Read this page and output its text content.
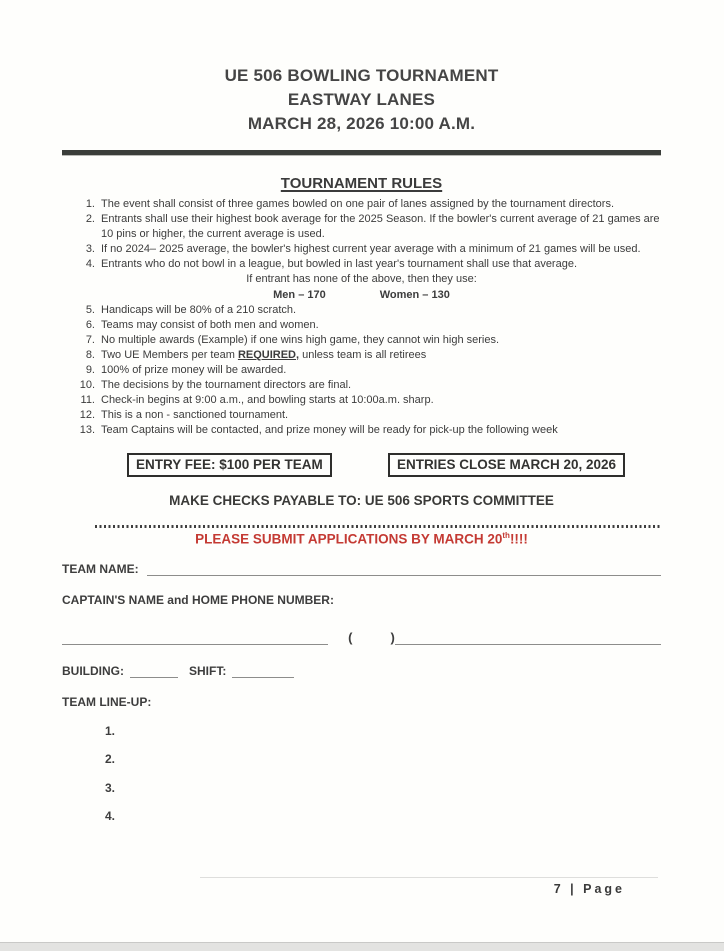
UE 506 BOWLING TOURNAMENT
EASTWAY LANES
MARCH 28, 2026 10:00 A.M.
TOURNAMENT RULES
1. The event shall consist of three games bowled on one pair of lanes assigned by the tournament directors.
2. Entrants shall use their highest book average for the 2025 Season. If the bowler's current average of 21 games are 10 pins or higher, the current average is used.
3. If no 2024– 2025 average, the bowler's highest current year average with a minimum of 21 games will be used.
4. Entrants who do not bowl in a league, but bowled in last year's tournament shall use that average.
If entrant has none of the above, then they use:
Men – 170	Women – 130
5. Handicaps will be 80% of a 210 scratch.
6. Teams may consist of both men and women.
7. No multiple awards (Example) if one wins high game, they cannot win high series.
8. Two UE Members per team REQUIRED, unless team is all retirees
9. 100% of prize money will be awarded.
10. The decisions by the tournament directors are final.
11. Check-in begins at 9:00 a.m., and bowling starts at 10:00a.m. sharp.
12. This is a non - sanctioned tournament.
13. Team Captains will be contacted, and prize money will be ready for pick-up the following week
ENTRY FEE: $100 PER TEAM	ENTRIES CLOSE MARCH 20, 2026
MAKE CHECKS PAYABLE TO: UE 506 SPORTS COMMITTEE
PLEASE SUBMIT APPLICATIONS BY MARCH 20th!!!!
TEAM NAME:
CAPTAIN'S NAME and HOME PHONE NUMBER:
(	)
BUILDING:	SHIFT:
TEAM LINE-UP:
1.
2.
3.
4.
7 | Page
